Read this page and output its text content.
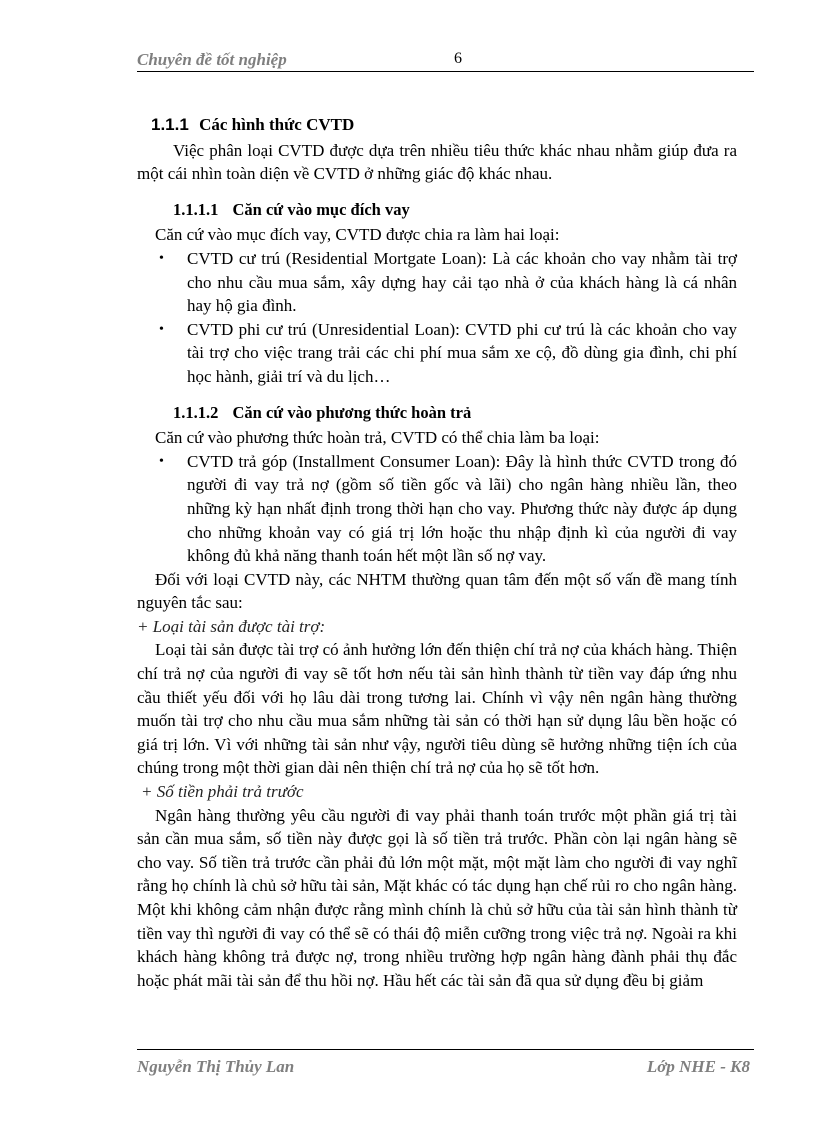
Chuyên đề tốt nghiệp	6
1.1.1 Các hình thức CVTD

Việc phân loại CVTD được dựa trên nhiều tiêu thức khác nhau nhằm giúp đưa ra một cái nhìn toàn diện về CVTD ở những giác độ khác nhau.

1.1.1.1 Căn cứ vào mục đích vay

Căn cứ vào mục đích vay, CVTD được chia ra làm hai loại:

• CVTD cư trú (Residential Mortgate Loan): Là các khoản cho vay nhằm tài trợ cho nhu cầu mua sắm, xây dựng hay cải tạo nhà ở của khách hàng là cá nhân hay hộ gia đình.
• CVTD phi cư trú (Unresidential Loan): CVTD phi cư trú là các khoản cho vay tài trợ cho việc trang trải các chi phí mua sắm xe cộ, đồ dùng gia đình, chi phí học hành, giải trí và du lịch…
1.1.1.2 Căn cứ vào phương thức hoàn trả

Căn cứ vào phương thức hoàn trả, CVTD có thể chia làm ba loại:

• CVTD trả góp (Installment Consumer Loan): Đây là hình thức CVTD trong đó người đi vay trả nợ (gồm số tiền gốc và lãi) cho ngân hàng nhiều lần, theo những kỳ hạn nhất định trong thời hạn cho vay. Phương thức này được áp dụng cho những khoản vay có giá trị lớn hoặc thu nhập định kì của người đi vay không đủ khả năng thanh toán hết một lần số nợ vay.

Đối với loại CVTD này, các NHTM thường quan tâm đến một số vấn đề mang tính nguyên tắc sau:

+ Loại tài sản được tài trợ:

Loại tài sản được tài trợ có ảnh hưởng lớn đến thiện chí trả nợ của khách hàng. Thiện chí trả nợ của người đi vay sẽ tốt hơn nếu tài sản hình thành từ tiền vay đáp ứng nhu cầu thiết yếu đối với họ lâu dài trong tương lai. Chính vì vậy nên ngân hàng thường muốn tài trợ cho nhu cầu mua sắm những tài sản có thời hạn sử dụng lâu bền hoặc có giá trị lớn. Vì với những tài sản như vậy, người tiêu dùng sẽ hưởng những tiện ích của chúng trong một thời gian dài nên thiện chí trả nợ của họ sẽ tốt hơn.

+ Số tiền phải trả trước

Ngân hàng thường yêu cầu người đi vay phải thanh toán trước một phần giá trị tài sản cần mua sắm, số tiền này được gọi là số tiền trả trước. Phần còn lại ngân hàng sẽ cho vay. Số tiền trả trước cần phải đủ lớn một mặt, một mặt làm cho người đi vay nghĩ rằng họ chính là chủ sở hữu tài sản, Mặt khác có tác dụng hạn chế rủi ro cho ngân hàng. Một khi không cảm nhận được rằng mình chính là chủ sở hữu của tài sản hình thành từ tiền vay thì người đi vay có thể sẽ có thái độ miễn cưỡng trong việc trả nợ. Ngoài ra khi khách hàng không trả được nợ, trong nhiều trường hợp ngân hàng đành phải thụ đắc hoặc phát mãi tài sản để thu hồi nợ. Hầu hết các tài sản đã qua sử dụng đều bị giảm

Nguyễn Thị Thủy Lan	Lớp NHE - K8
